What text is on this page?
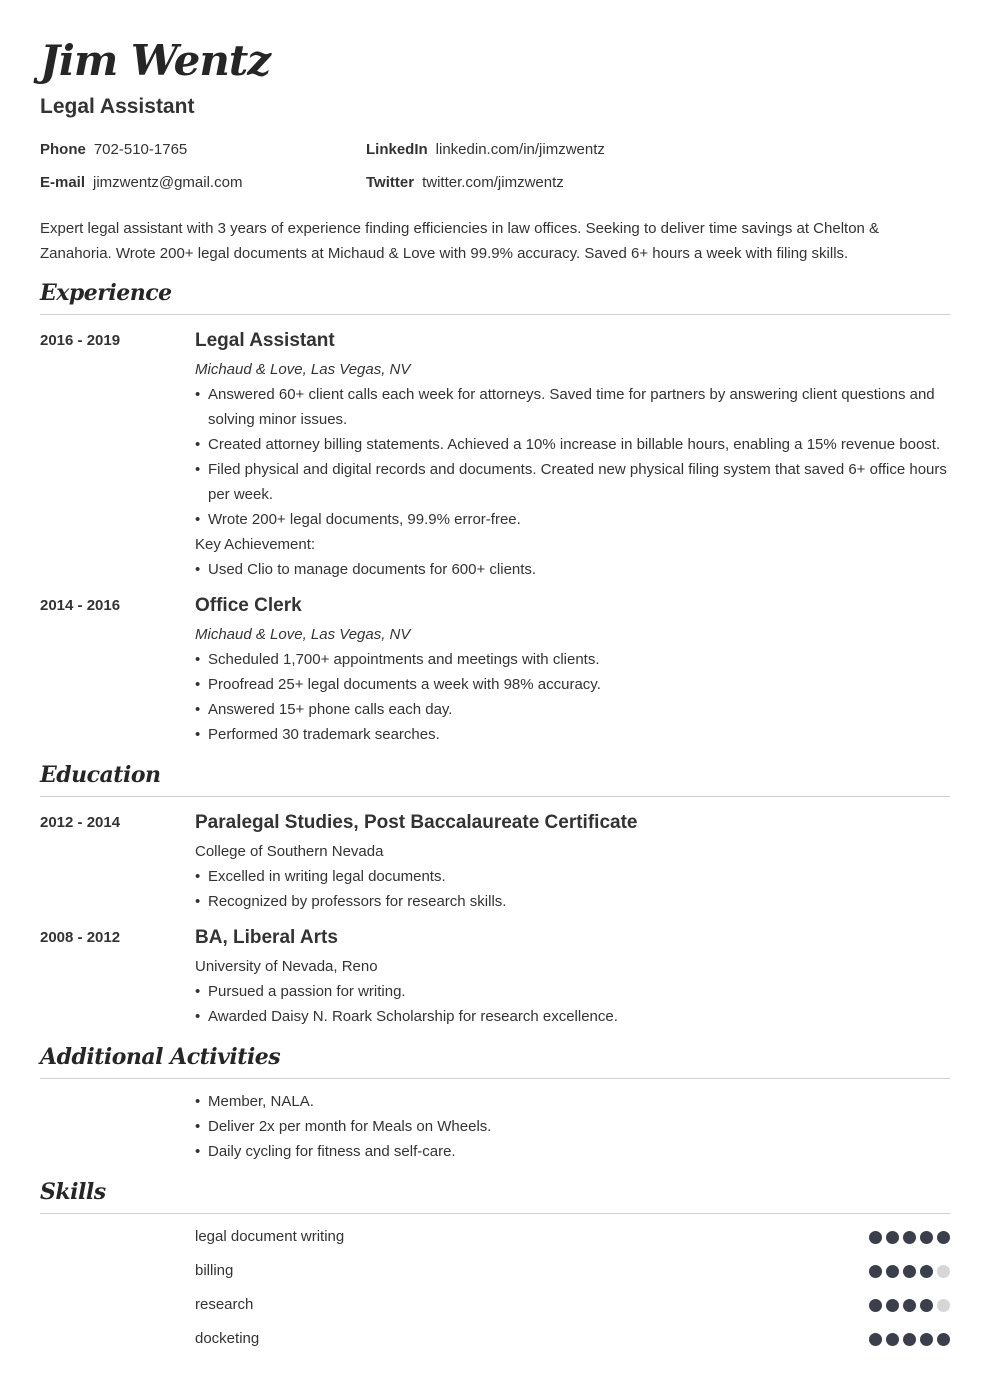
Jim Wentz
Legal Assistant
Phone 702-510-1765
E-mail jimzwentz@gmail.com
LinkedIn linkedin.com/in/jimzwentz
Twitter twitter.com/jimzwentz
Expert legal assistant with 3 years of experience finding efficiencies in law offices. Seeking to deliver time savings at Chelton & Zanahoria. Wrote 200+ legal documents at Michaud & Love with 99.9% accuracy. Saved 6+ hours a week with filing skills.
Experience
2016 - 2019	Legal Assistant
Michaud & Love, Las Vegas, NV
• Answered 60+ client calls each week for attorneys. Saved time for partners by answering client questions and solving minor issues.
• Created attorney billing statements. Achieved a 10% increase in billable hours, enabling a 15% revenue boost.
• Filed physical and digital records and documents. Created new physical filing system that saved 6+ office hours per week.
• Wrote 200+ legal documents, 99.9% error-free.
Key Achievement:
• Used Clio to manage documents for 600+ clients.
2014 - 2016	Office Clerk
Michaud & Love, Las Vegas, NV
• Scheduled 1,700+ appointments and meetings with clients.
• Proofread 25+ legal documents a week with 98% accuracy.
• Answered 15+ phone calls each day.
• Performed 30 trademark searches.
Education
2012 - 2014	Paralegal Studies, Post Baccalaureate Certificate
College of Southern Nevada
• Excelled in writing legal documents.
• Recognized by professors for research skills.
2008 - 2012	BA, Liberal Arts
University of Nevada, Reno
• Pursued a passion for writing.
• Awarded Daisy N. Roark Scholarship for research excellence.
Additional Activities
• Member, NALA.
• Deliver 2x per month for Meals on Wheels.
• Daily cycling for fitness and self-care.
Skills
legal document writing
billing
research
docketing
